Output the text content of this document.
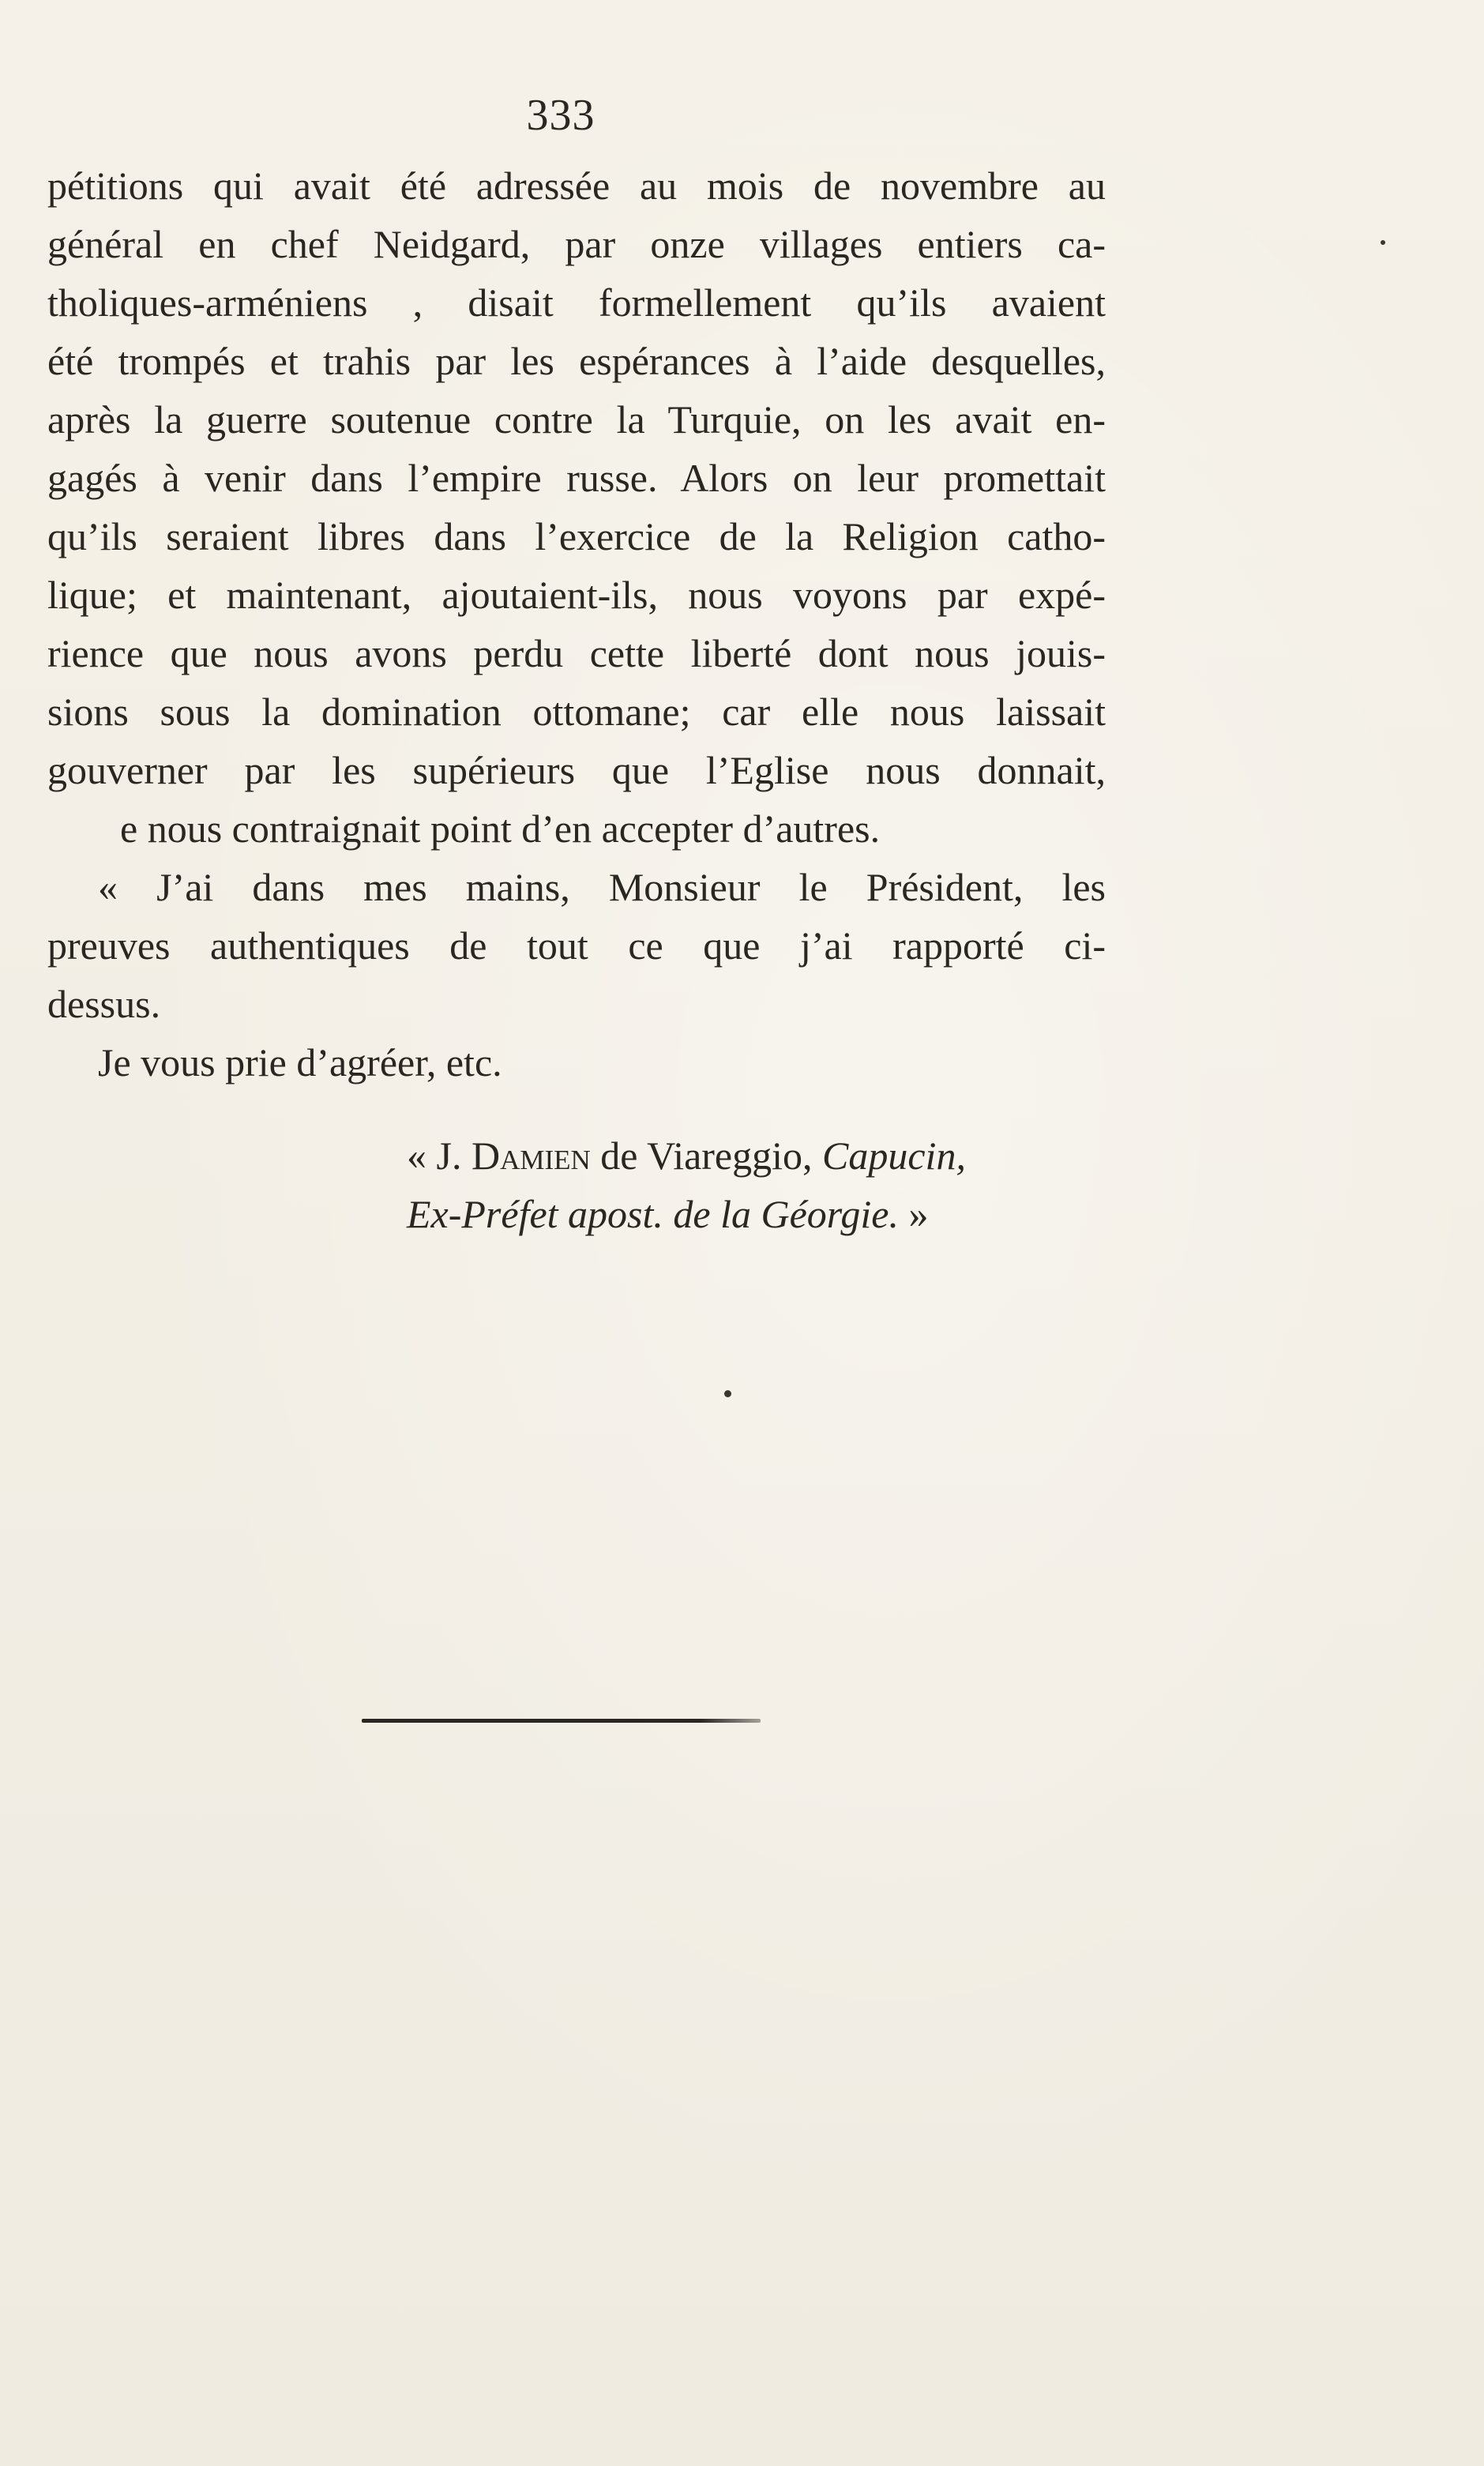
333
pétitions qui avait été adressée au mois de novembre au
général en chef Neidgard, par onze villages entiers ca-
tholiques-arméniens , disait formellement qu’ils avaient
été trompés et trahis par les espérances à l’aide desquelles,
après la guerre soutenue contre la Turquie, on les avait en-
gagés à venir dans l’empire russe. Alors on leur promettait
qu’ils seraient libres dans l’exercice de la Religion catho-
lique; et maintenant, ajoutaient-ils, nous voyons par expé-
rience que nous avons perdu cette liberté dont nous jouis-
sions sous la domination ottomane; car elle nous laissait
gouverner par les supérieurs que l’Eglise nous donnait,
e nous contraignait point d’en accepter d’autres.
« J’ai dans mes mains, Monsieur le Président, les
preuves authentiques de tout ce que j’ai rapporté ci-
dessus.
Je vous prie d’agréer, etc.
« J. Damien de Viareggio, Capucin,
Ex-Préfet apost. de la Géorgie. »
